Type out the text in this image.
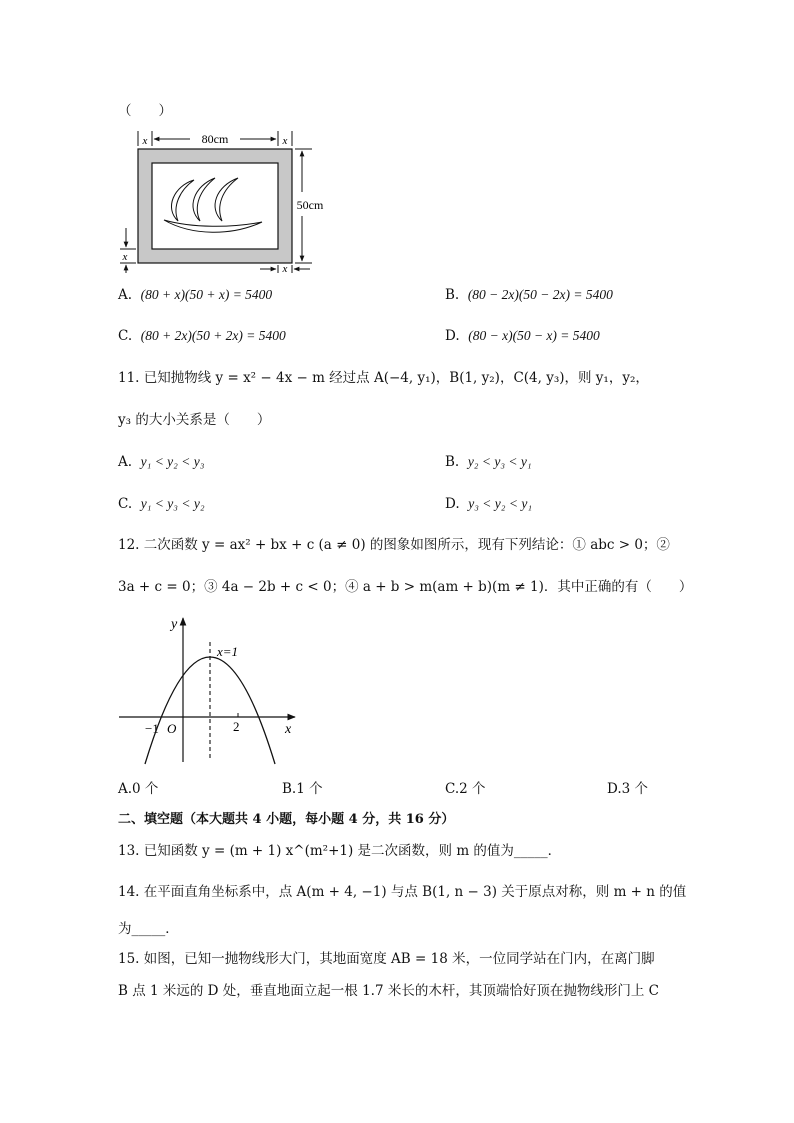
（　　）
80cm
x	x
50cm
x
x
A. (80 + x)(50 + x) = 5400	B. (80 − 2x)(50 − 2x) = 5400
C. (80 + 2x)(50 + 2x) = 5400	D. (80 − x)(50 − x) = 5400
11. 已知抛物线 y = x² − 4x − m 经过点 A(−4, y₁)，B(1, y₂)，C(4, y₃)，则 y₁，y₂，
y₃ 的大小关系是（　　）
A. y₁ < y₂ < y₃	B. y₂ < y₃ < y₁
C. y₁ < y₃ < y₂	D. y₃ < y₂ < y₁
12. 二次函数 y = ax² + bx + c (a ≠ 0) 的图象如图所示，现有下列结论：① abc > 0；②
3a + c = 0；③ 4a − 2b + c < 0；④ a + b > m(am + b)(m ≠ 1)．其中正确的有（　　）
y
x
O
−1	2
x=1
A.0 个	B.1 个	C.2 个	D.3 个
二、填空题（本大题共 4 小题，每小题 4 分，共 16 分）
13. 已知函数 y = (m + 1) x^(m²+1) 是二次函数，则 m 的值为_____．
14. 在平面直角坐标系中，点 A(m + 4, −1) 与点 B(1, n − 3) 关于原点对称，则 m + n 的值
为_____．
15. 如图，已知一抛物线形大门，其地面宽度 AB = 18 米，一位同学站在门内，在离门脚
B 点 1 米远的 D 处，垂直地面立起一根 1.7 米长的木杆，其顶端恰好顶在抛物线形门上 C
